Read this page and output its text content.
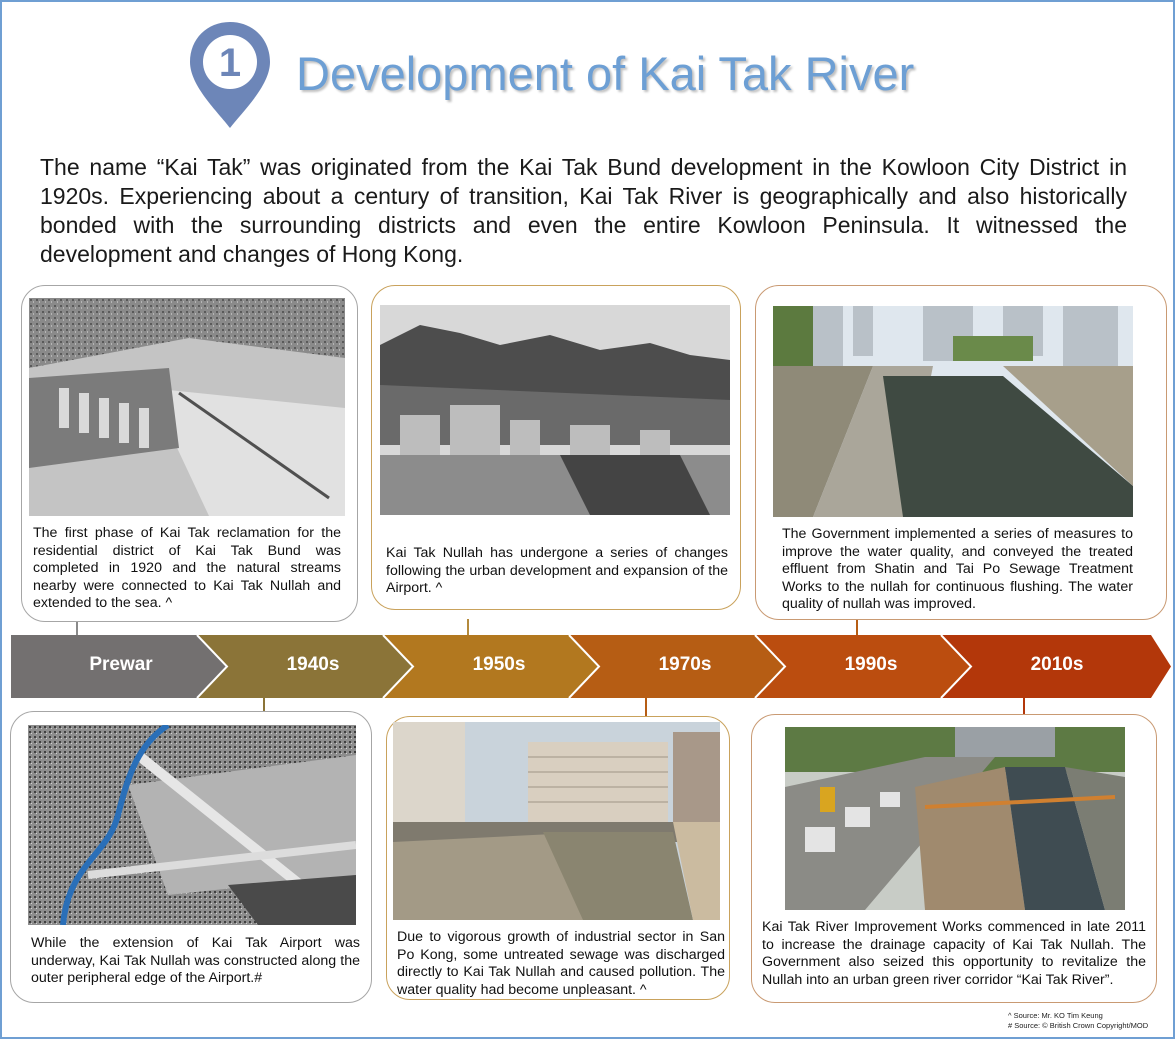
1 Development of Kai Tak River
The name “Kai Tak” was originated from the Kai Tak Bund development in the Kowloon City District in 1920s. Experiencing about a century of transition, Kai Tak River is geographically and also historically bonded with the surrounding districts and even the entire Kowloon Peninsula. It witnessed the development and changes of Hong Kong.
The first phase of Kai Tak reclamation for the residential district of Kai Tak Bund was completed in 1920 and the natural streams nearby were connected to Kai Tak Nullah and extended to the sea. ^
Kai Tak Nullah has undergone a series of changes following the urban development and expansion of the Airport. ^
The Government implemented a series of measures to improve the water quality, and conveyed the treated effluent from Shatin and Tai Po Sewage Treatment Works to the nullah for continuous flushing. The water quality of nullah was improved.
Prewar	1940s	1950s	1970s	1990s	2010s
While the extension of Kai Tak Airport was underway, Kai Tak Nullah was constructed along the outer peripheral edge of the Airport.#
Due to vigorous growth of industrial sector in San Po Kong, some untreated sewage was discharged directly to Kai Tak Nullah and caused pollution. The water quality had become unpleasant. ^
Kai Tak River Improvement Works commenced in late 2011 to increase the drainage capacity of Kai Tak Nullah. The Government also seized this opportunity to revitalize the Nullah into an urban green river corridor “Kai Tak River”.
^ Source: Mr. KO Tim Keung
# Source: © British Crown Copyright/MOD
